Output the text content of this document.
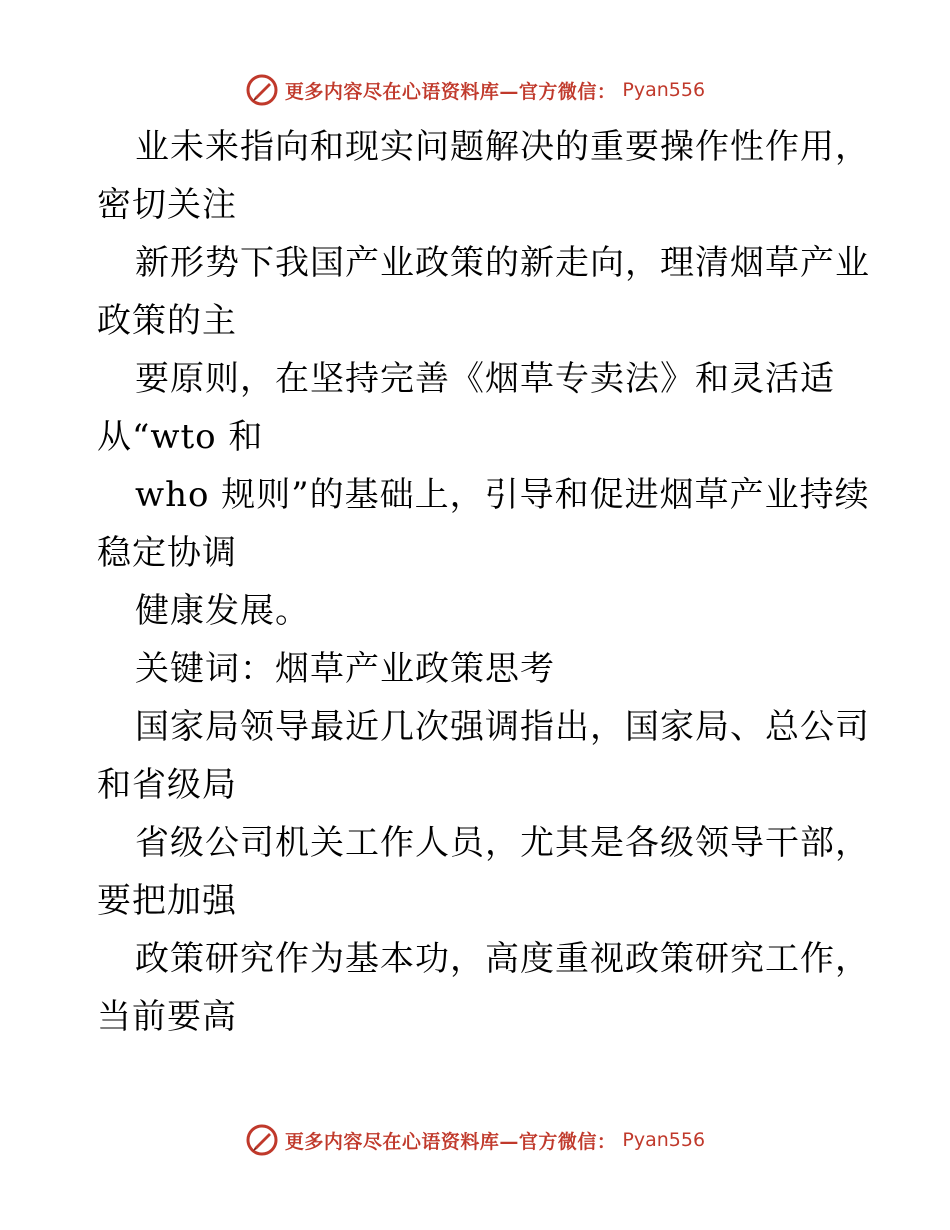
更多内容尽在心语资料库—官方微信： Pyan556
业未来指向和现实问题解决的重要操作性作用，
密切关注
新形势下我国产业政策的新走向，理清烟草产业
政策的主
要原则，在坚持完善《烟草专卖法》和灵活适
从“wto 和
who 规则”的基础上，引导和促进烟草产业持续
稳定协调
健康发展。
关键词：烟草产业政策思考
国家局领导最近几次强调指出，国家局、总公司
和省级局
省级公司机关工作人员，尤其是各级领导干部，
要把加强
政策研究作为基本功，高度重视政策研究工作，
当前要高
更多内容尽在心语资料库—官方微信： Pyan556
